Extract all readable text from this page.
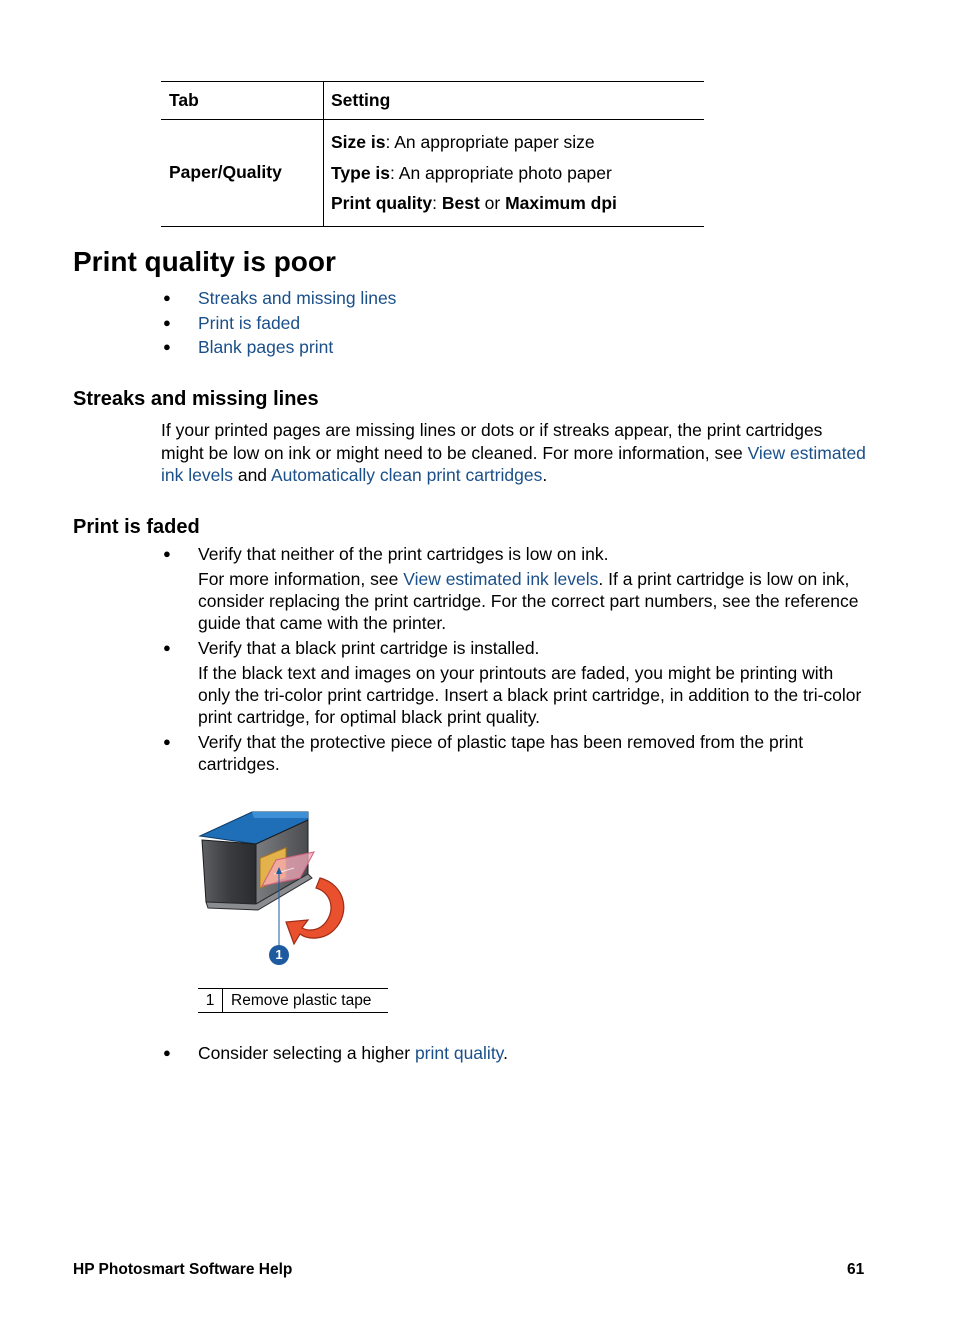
Tab	Setting
Paper/Quality	Size is: An appropriate paper size
Type is: An appropriate photo paper
Print quality: Best or Maximum dpi
Print quality is poor
● Streaks and missing lines
● Print is faded
● Blank pages print
Streaks and missing lines

If your printed pages are missing lines or dots or if streaks appear, the print cartridges might be low on ink or might need to be cleaned. For more information, see View estimated ink levels and Automatically clean print cartridges.

Print is faded
● Verify that neither of the print cartridges is low on ink.
For more information, see View estimated ink levels. If a print cartridge is low on ink, consider replacing the print cartridge. For the correct part numbers, see the reference guide that came with the printer.
● Verify that a black print cartridge is installed.
If the black text and images on your printouts are faded, you might be printing with only the tri-color print cartridge. Insert a black print cartridge, in addition to the tri-color print cartridge, for optimal black print quality.
● Verify that the protective piece of plastic tape has been removed from the print cartridges.
1
1	Remove plastic tape
● Consider selecting a higher print quality.
HP Photosmart Software Help	61
